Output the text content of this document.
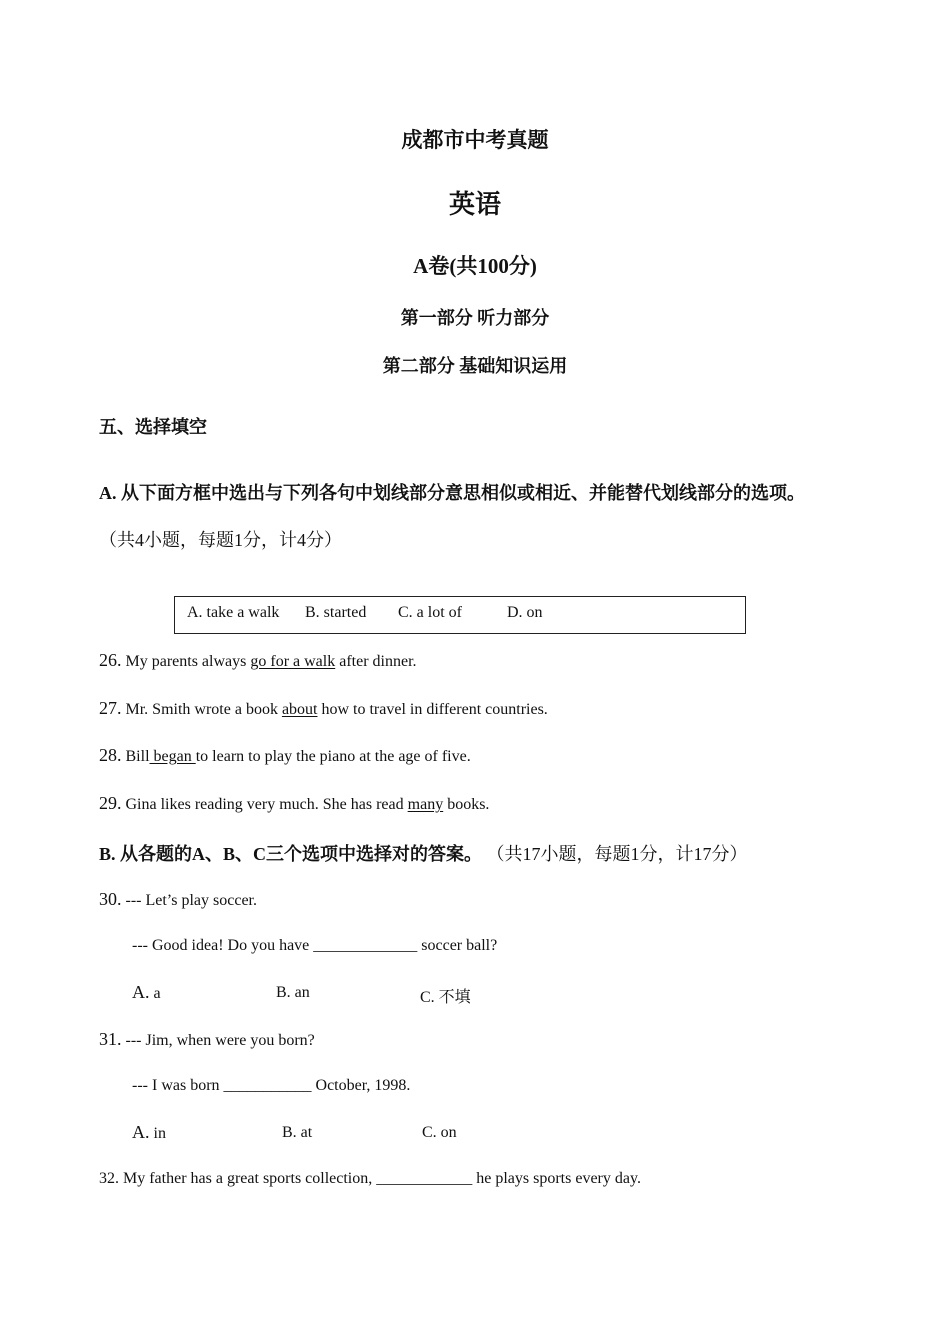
成都市中考真题
英语
A卷(共100分)
第一部分 听力部分
第二部分 基础知识运用
五、选择填空
A. 从下面方框中选出与下列各句中划线部分意思相似或相近、并能替代划线部分的选项。
（共4小题，每题1分，计4分）
A. take a walk B. started C. a lot of	D. on
26. My parents always go for a walk after dinner.
27. Mr. Smith wrote a book about how to travel in different countries.
28. Bill began to learn to play the piano at the age of five.
29. Gina likes reading very much. She has read many books.
B. 从各题的A、B、C三个选项中选择对的答案。 （共17小题，每题1分，计17分）
30. --- Let’s play soccer.
--- Good idea! Do you have _____________ soccer ball?
A. a	B. an	C. 不填
31. --- Jim, when were you born?
--- I was born ___________ October, 1998.
A. in	B. at	C. on
32. My father has a great sports collection, ____________ he plays sports every day.
